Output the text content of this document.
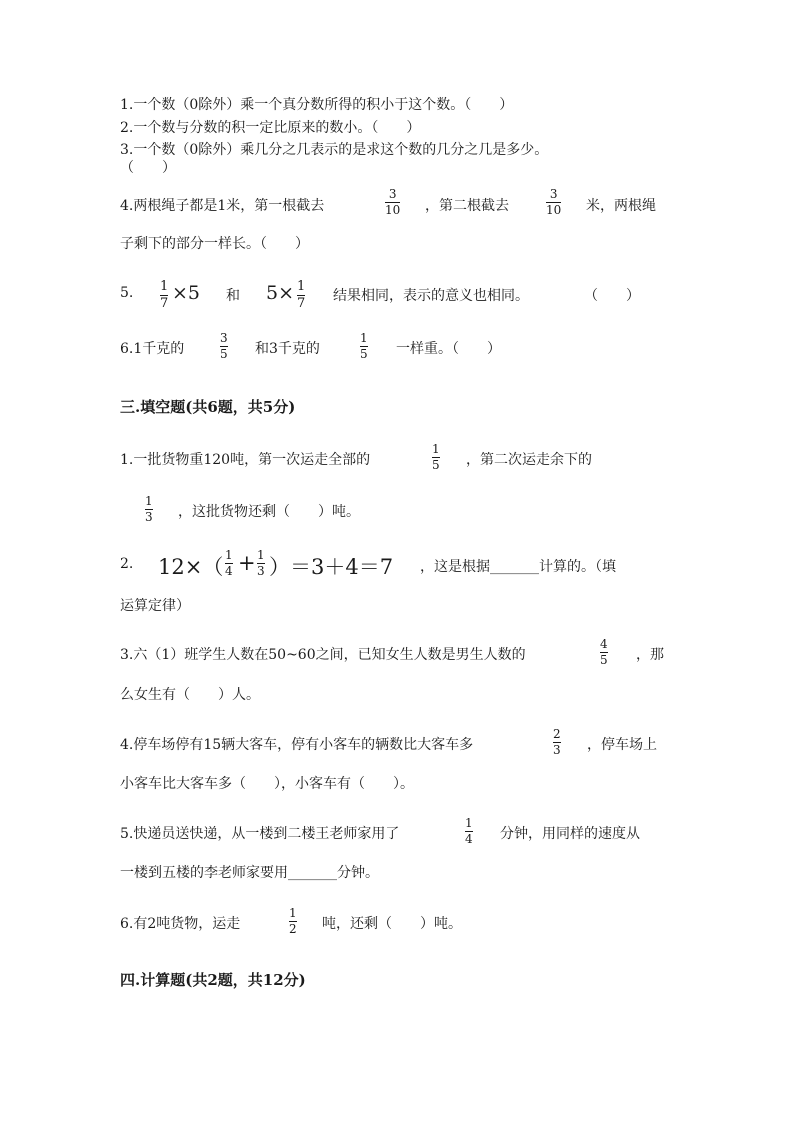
1.一个数（0除外）乘一个真分数所得的积小于这个数。（　　）
2.一个数与分数的积一定比原来的数小。（　　）
3.一个数（0除外）乘几分之几表示的是求这个数的几分之几是多少。
（　　）
4.两根绳子都是1米，第一根截去
3
10 ，第二根截去
3
10 米，两根绳
子剩下的部分一样长。（　　）
5. 1
7 ×5 和 5× 1
7 结果相同，表示的意义也相同。	（　　）
6.1千克的
3
5 和3千克的
1
5 一样重。（　　）
三.填空题(共6题，共5分)
1.一批货物重120吨，第一次运走全部的
1
5 ，第二次运走余下的
1
3 ，这批货物还剩（　　）吨。
2. 12×（ 1
4 + 1
3 ）＝3＋4＝7 ，这是根据_______计算的。（填
运算定律）
3.六（1）班学生人数在50~60之间，已知女生人数是男生人数的
4
5 ，那
么女生有（　　）人。
4.停车场停有15辆大客车，停有小客车的辆数比大客车多
2
3 ，停车场上
小客车比大客车多（　　），小客车有（　　）。
5.快递员送快递，从一楼到二楼王老师家用了
1
4 分钟，用同样的速度从
一楼到五楼的李老师家要用_______分钟。
6.有2吨货物，运走
1
2 吨，还剩（　　）吨。
四.计算题(共2题，共12分)
